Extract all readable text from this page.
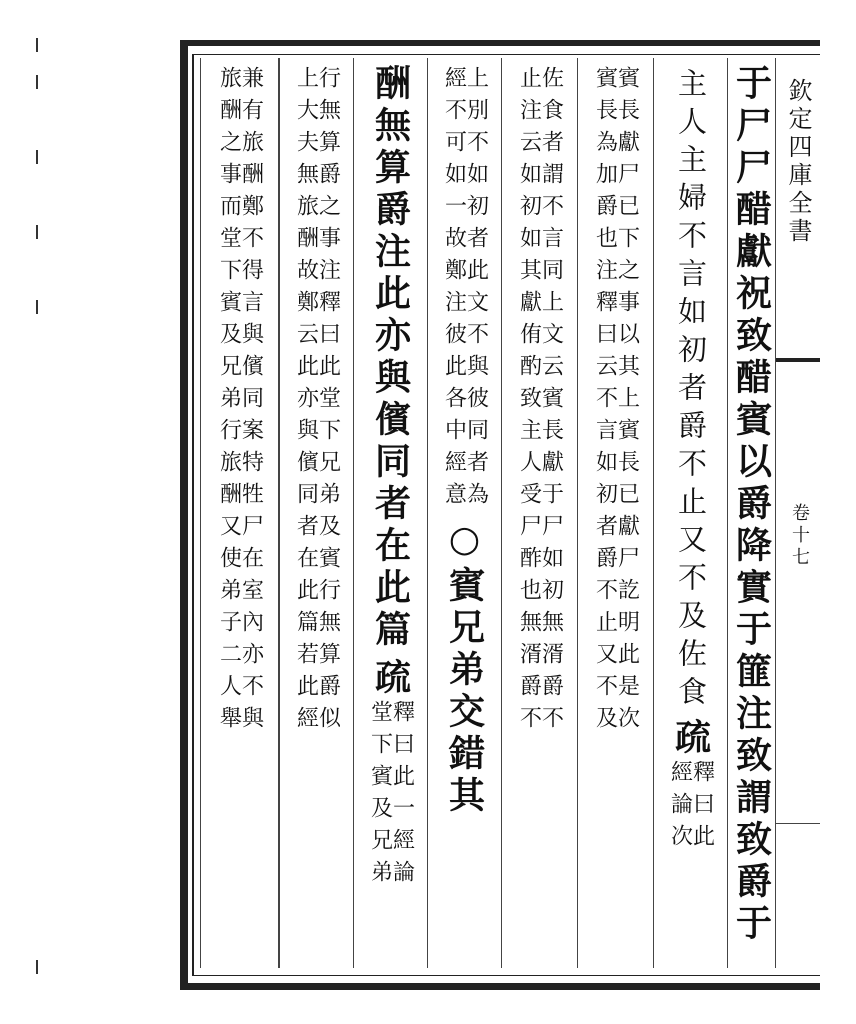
欽定四庫全書
卷十七
于尸尸醋獻祝致醋賓以爵降實于篚注致謂致爵于
主人主婦不言如初者爵不止又不及佐食
疏
釋曰此
經論次
賓長獻尸已下之事以其上賓長已獻尸訖明此是次
賓長為加爵也注釋曰云不言如初者爵不止又不及
佐食者謂不言同上文云賓長獻于尸如初無湑爵不
止注云如初如其獻侑酌致主人受尸酢也無湑爵不
上別不如初者此文不與彼同者為
經不可如一故鄭注彼此各中經意
○賓兄弟交錯其
酬無算爵注此亦與儐同者在此篇
疏
釋曰此一經論
堂下賓及兄弟
行無算爵之事注釋曰此堂下兄弟及賓行無算爵似
上大夫無旅酬故鄭云此亦與儐同者在此篇若此經
兼有旅酬鄭不得言與儐同案特牲尸在室內亦不與
旅酬之事而堂下賓及兄弟行旅酬又使弟子二人舉
